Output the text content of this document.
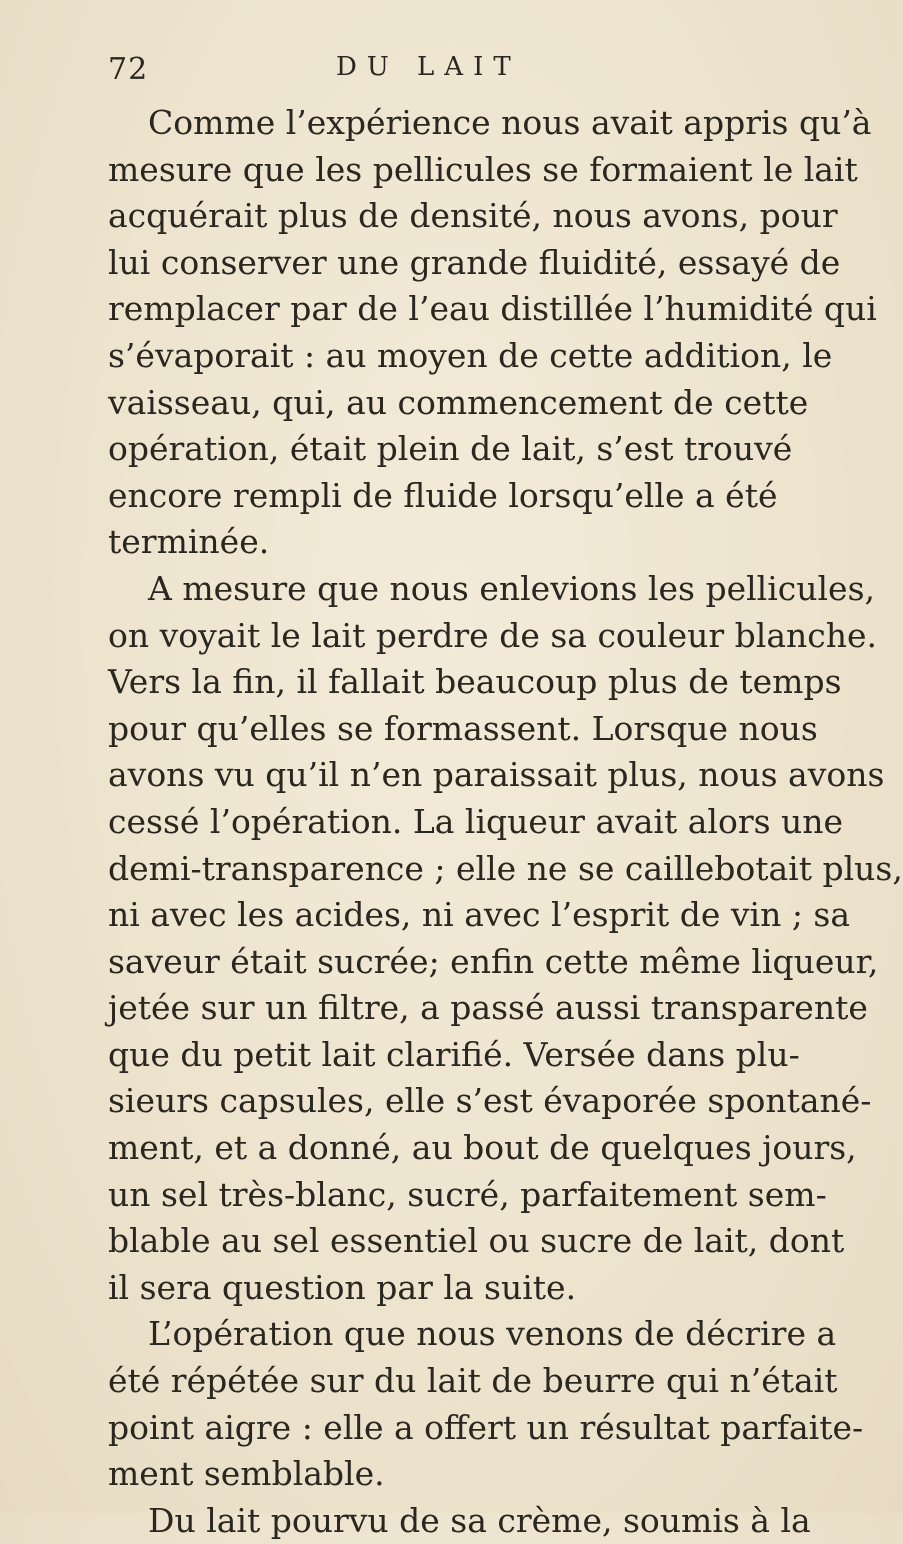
72	DU LAIT
Comme l’expérience nous avait appris qu’à
mesure que les pellicules se formaient le lait
acquérait plus de densité, nous avons, pour
lui conserver une grande fluidité, essayé de
remplacer par de l’eau distillée l’humidité qui
s’évaporait : au moyen de cette addition, le
vaisseau, qui, au commencement de cette
opération, était plein de lait, s’est trouvé
encore rempli de fluide lorsqu’elle a été
terminée.
A mesure que nous enlevions les pellicules,
on voyait le lait perdre de sa couleur blanche.
Vers la fin, il fallait beaucoup plus de temps
pour qu’elles se formassent. Lorsque nous
avons vu qu’il n’en paraissait plus, nous avons
cessé l’opération. La liqueur avait alors une
demi-transparence ; elle ne se caillebotait plus,
ni avec les acides, ni avec l’esprit de vin ; sa
saveur était sucrée; enfin cette même liqueur,
jetée sur un filtre, a passé aussi transparente
que du petit lait clarifié. Versée dans plu-
sieurs capsules, elle s’est évaporée spontané-
ment, et a donné, au bout de quelques jours,
un sel très-blanc, sucré, parfaitement sem-
blable au sel essentiel ou sucre de lait, dont
il sera question par la suite.
L’opération que nous venons de décrire a
été répétée sur du lait de beurre qui n’était
point aigre : elle a offert un résultat parfaite-
ment semblable.
Du lait pourvu de sa crème, soumis à la
